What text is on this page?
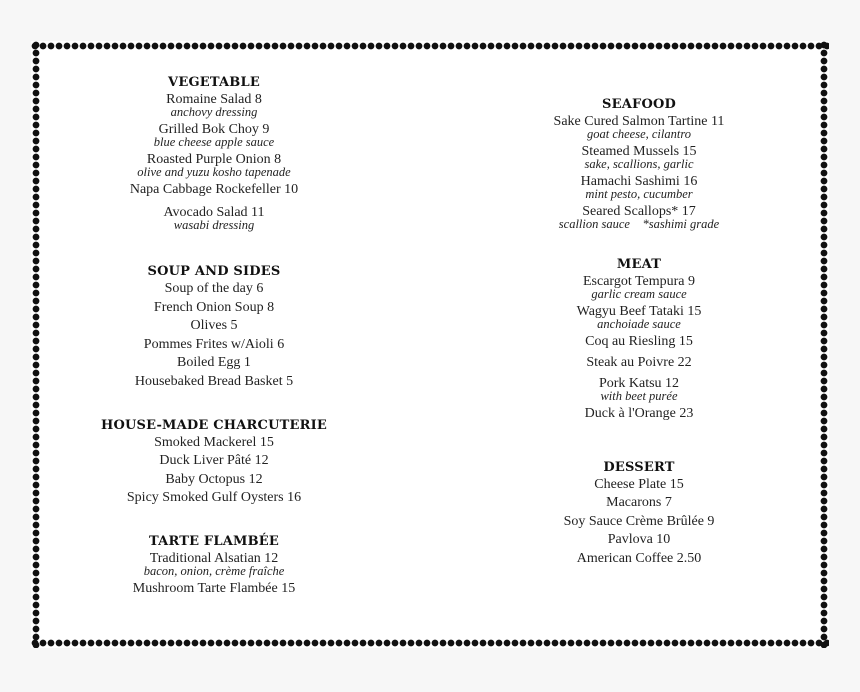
VEGETABLE
Romaine Salad 8
anchovy dressing
Grilled Bok Choy 9
blue cheese apple sauce
Roasted Purple Onion 8
olive and yuzu kosho tapenade
Napa Cabbage Rockefeller 10
Avocado Salad 11
wasabi dressing
SOUP AND SIDES
Soup of the day 6
French Onion Soup 8
Olives 5
Pommes Frites w/Aioli 6
Boiled Egg 1
Housebaked Bread Basket 5
HOUSE-MADE CHARCUTERIE
Smoked Mackerel 15
Duck Liver Pâté 12
Baby Octopus 12
Spicy Smoked Gulf Oysters 16
TARTE FLAMBÉE
Traditional Alsatian 12
bacon, onion, crème fraîche
Mushroom Tarte Flambée 15
SEAFOOD
Sake Cured Salmon Tartine 11
goat cheese, cilantro
Steamed Mussels 15
sake, scallions, garlic
Hamachi Sashimi 16
mint pesto, cucumber
Seared Scallops* 17
scallion sauce    *sashimi grade
MEAT
Escargot Tempura 9
garlic cream sauce
Wagyu Beef Tataki 15
anchoiade sauce
Coq au Riesling 15
Steak au Poivre 22
Pork Katsu 12
with beet purée
Duck à l'Orange 23
DESSERT
Cheese Plate 15
Macarons 7
Soy Sauce Crème Brûlée 9
Pavlova 10
American Coffee 2.50
